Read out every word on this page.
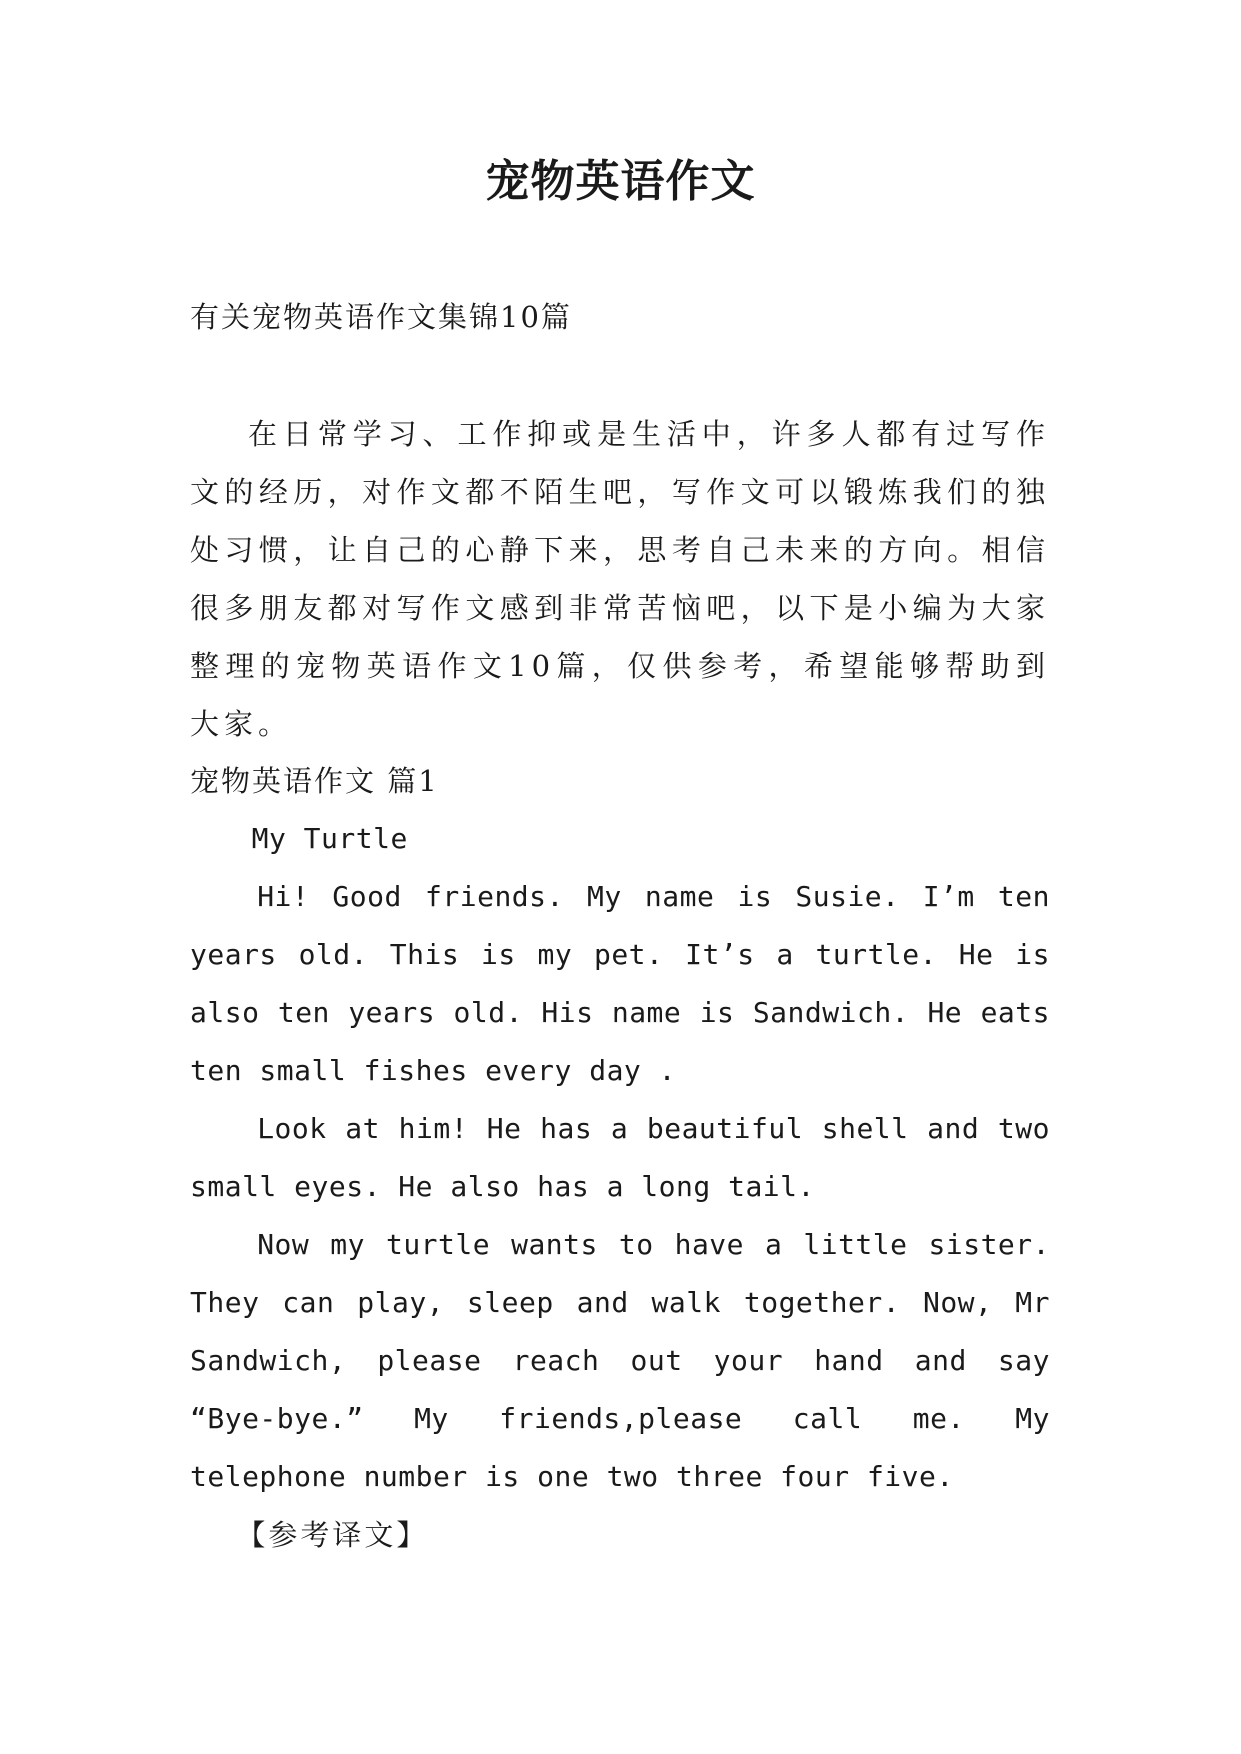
宠物英语作文
有关宠物英语作文集锦10篇
在日常学习、工作抑或是生活中，许多人都有过写作文的经历，对作文都不陌生吧，写作文可以锻炼我们的独处习惯，让自己的心静下来，思考自己未来的方向。相信很多朋友都对写作文感到非常苦恼吧，以下是小编为大家整理的宠物英语作文10篇，仅供参考，希望能够帮助到大家。
宠物英语作文 篇1

My Turtle

Hi! Good friends. My name is Susie. I’m ten years old. This is my pet. It’s a turtle. He is also ten years old. His name is Sandwich. He eats ten small fishes every day .

Look at him! He has a beautiful shell and two small eyes. He also has a long tail.

Now my turtle wants to have a little sister. They can play, sleep and walk together. Now, Mr Sandwich, please reach out your hand and say “Bye-bye.” My friends,please call me. My telephone number is one two three four five.

【参考译文】
